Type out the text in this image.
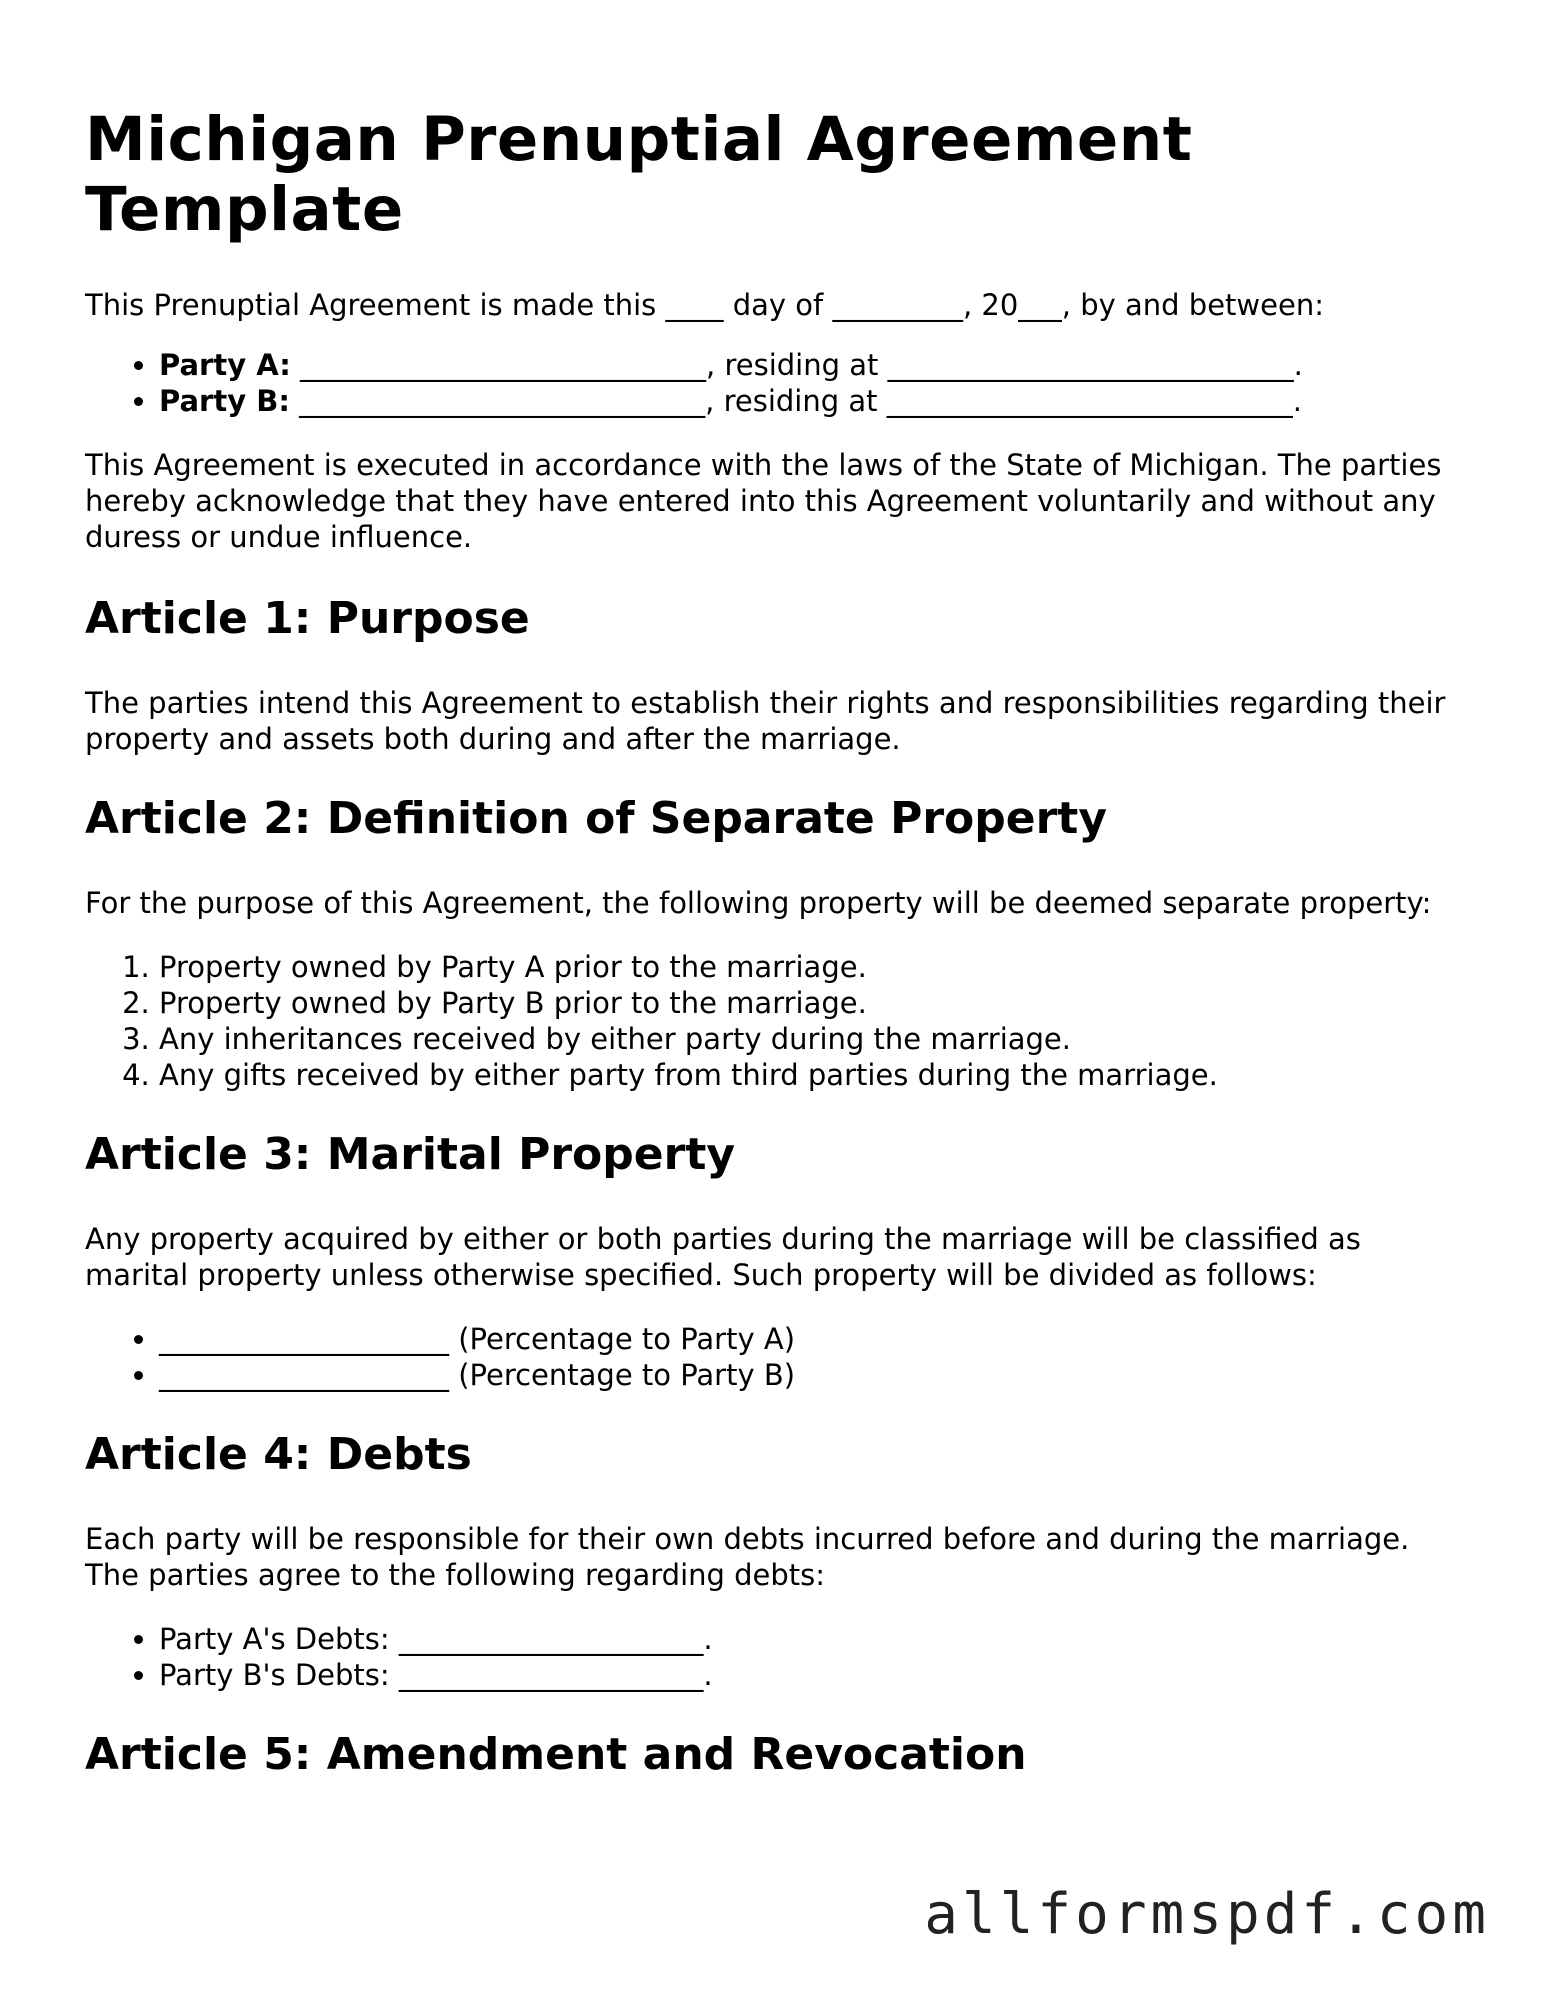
Michigan Prenuptial Agreement Template

This Prenuptial Agreement is made this ____ day of _________, 20___, by and between:

• Party A: ____________________________, residing at ____________________________.
• Party B: ____________________________, residing at ____________________________.

This Agreement is executed in accordance with the laws of the State of Michigan. The parties hereby acknowledge that they have entered into this Agreement voluntarily and without any duress or undue influence.

Article 1: Purpose

The parties intend this Agreement to establish their rights and responsibilities regarding their property and assets both during and after the marriage.

Article 2: Definition of Separate Property

For the purpose of this Agreement, the following property will be deemed separate property:

1. Property owned by Party A prior to the marriage.
2. Property owned by Party B prior to the marriage.
3. Any inheritances received by either party during the marriage.
4. Any gifts received by either party from third parties during the marriage.
Article 3: Marital Property

Any property acquired by either or both parties during the marriage will be classified as marital property unless otherwise specified. Such property will be divided as follows:

• ____________________ (Percentage to Party A)
• ____________________ (Percentage to Party B)
Article 4: Debts

Each party will be responsible for their own debts incurred before and during the marriage. The parties agree to the following regarding debts:

• Party A's Debts: _____________________.
• Party B's Debts: _____________________.
Article 5: Amendment and Revocation
allformspdf.com
